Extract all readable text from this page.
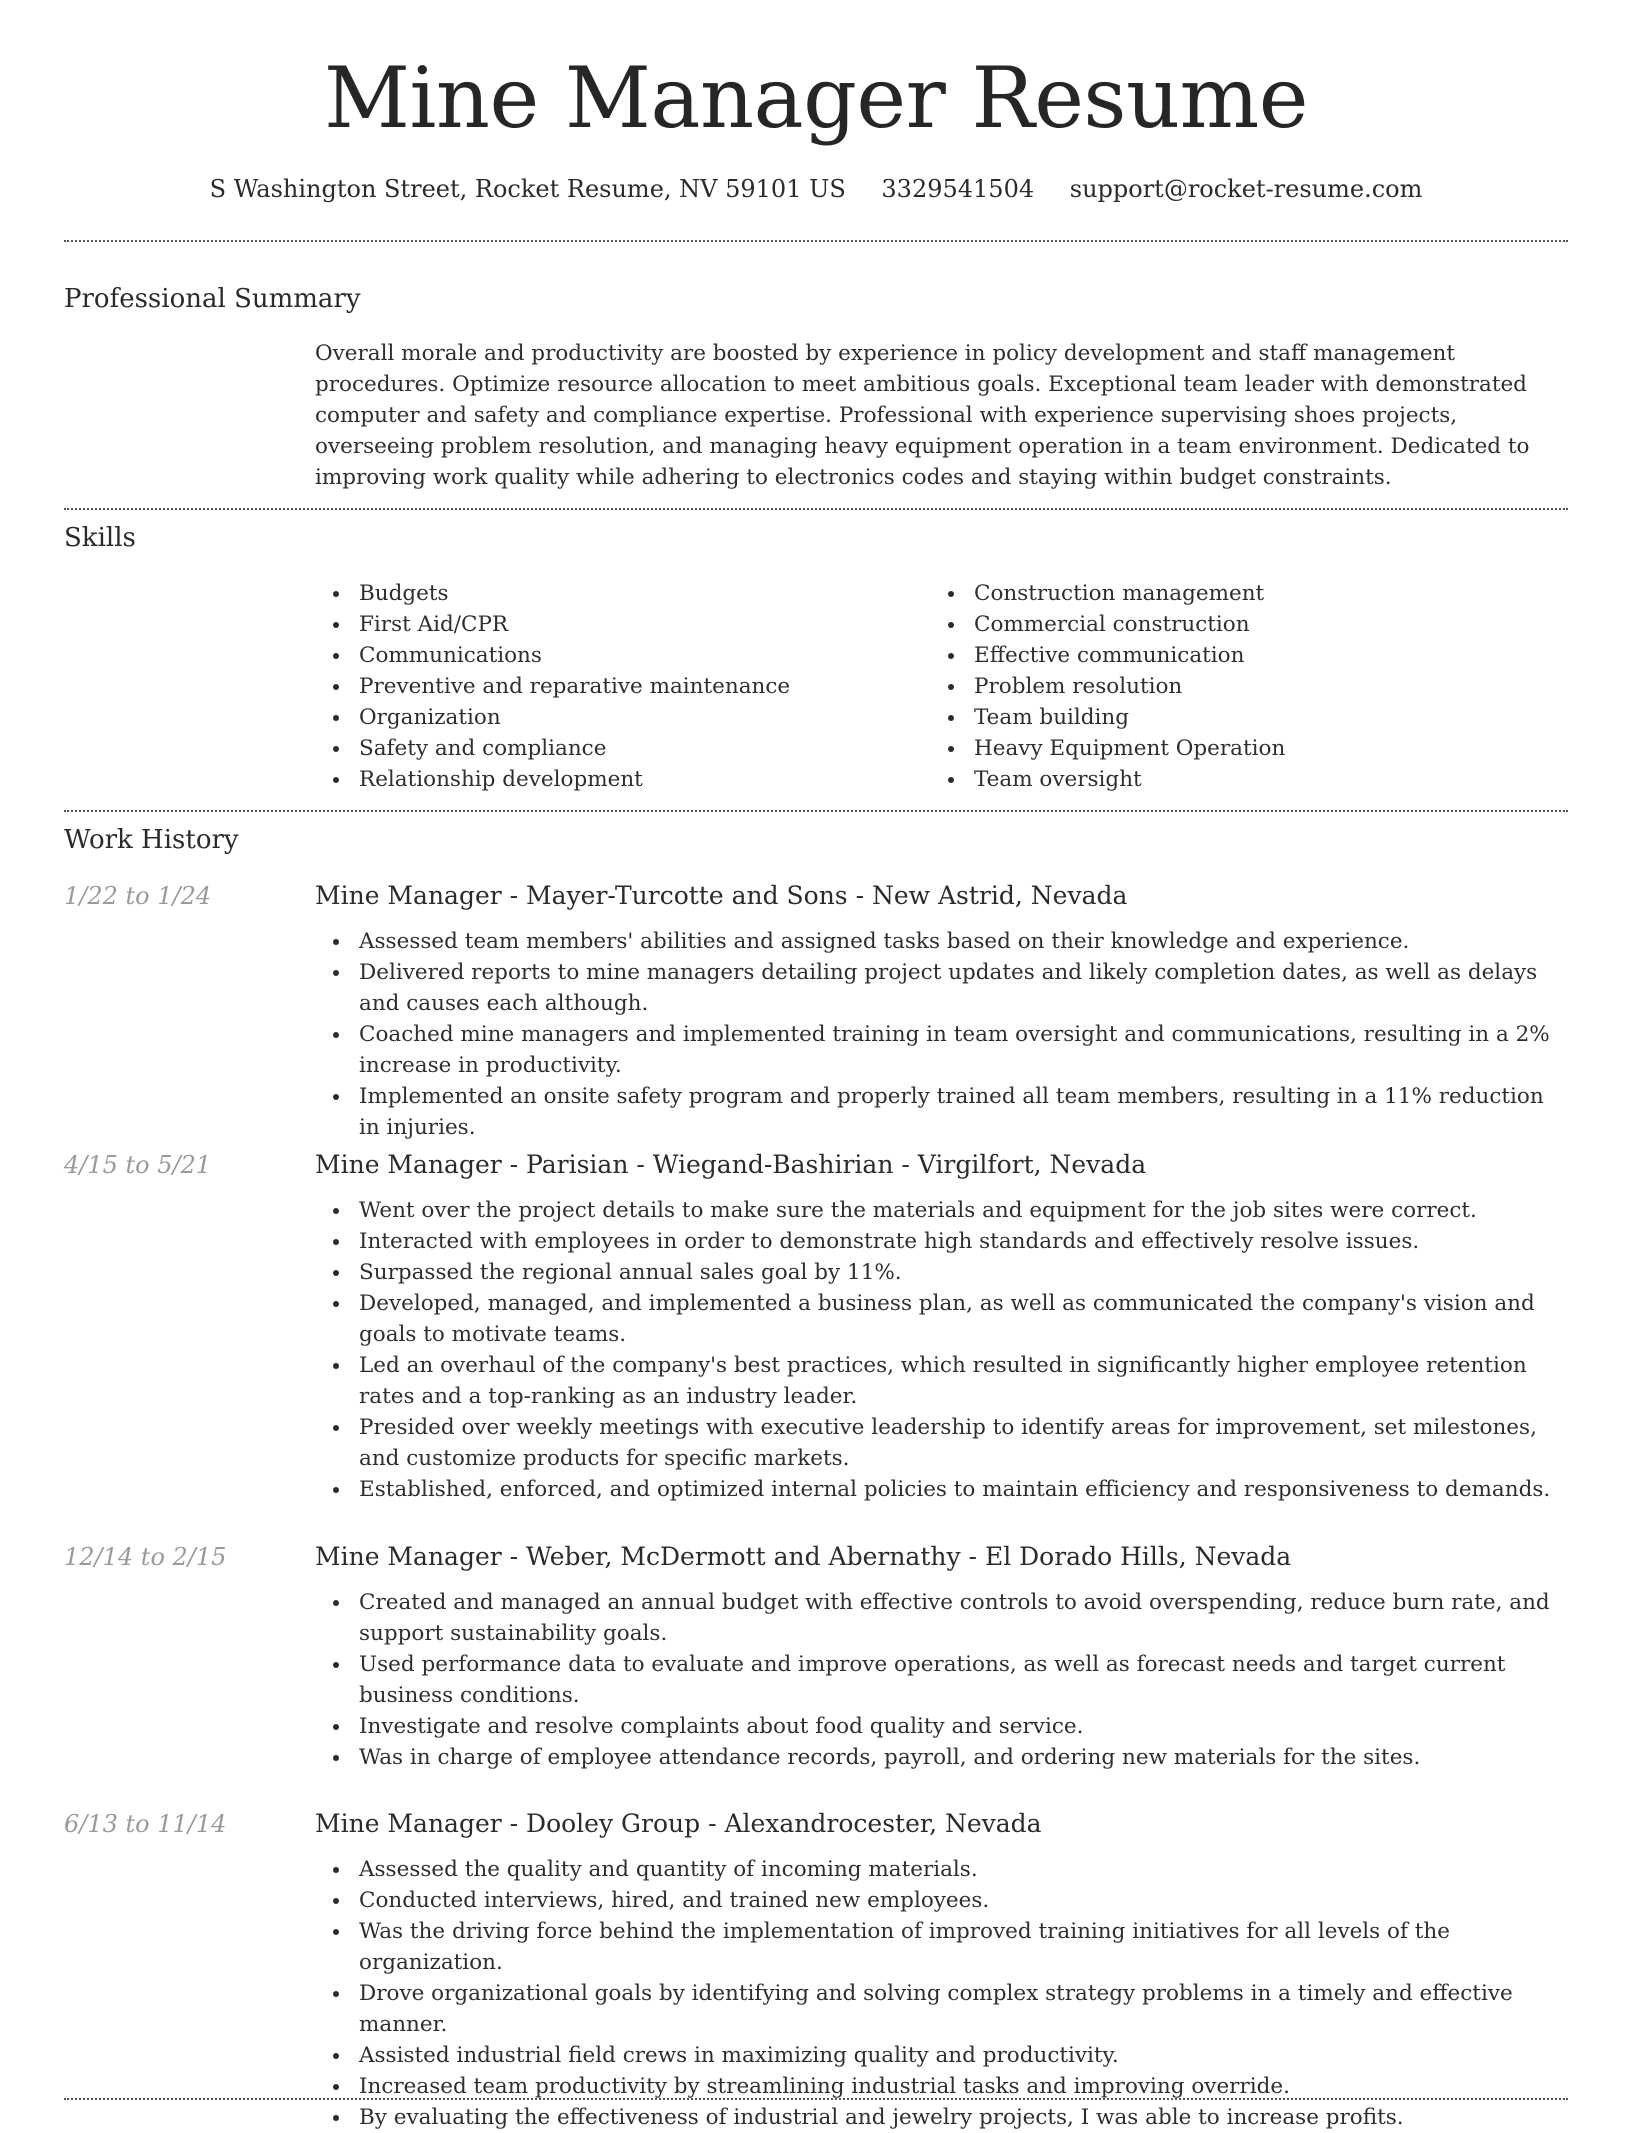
Mine Manager Resume
S Washington Street, Rocket Resume, NV 59101 US 3329541504 support@rocket-resume.com
Professional Summary

Overall morale and productivity are boosted by experience in policy development and staff management procedures. Optimize resource allocation to meet ambitious goals. Exceptional team leader with demonstrated computer and safety and compliance expertise. Professional with experience supervising shoes projects, overseeing problem resolution, and managing heavy equipment operation in a team environment. Dedicated to improving work quality while adhering to electronics codes and staying within budget constraints.

Skills
Budgets
First Aid/CPR
Communications
Preventive and reparative maintenance
Organization
Safety and compliance
Relationship development
Construction management
Commercial construction
Effective communication
Problem resolution
Team building
Heavy Equipment Operation
Team oversight
Work History
1/22 to 1/24	Mine Manager - Mayer-Turcotte and Sons - New Astrid, Nevada
Assessed team members' abilities and assigned tasks based on their knowledge and experience.
Delivered reports to mine managers detailing project updates and likely completion dates, as well as delays and causes each although.
Coached mine managers and implemented training in team oversight and communications, resulting in a 2% increase in productivity.
Implemented an onsite safety program and properly trained all team members, resulting in a 11% reduction in injuries.
4/15 to 5/21	Mine Manager - Parisian - Wiegand-Bashirian - Virgilfort, Nevada
Went over the project details to make sure the materials and equipment for the job sites were correct.
Interacted with employees in order to demonstrate high standards and effectively resolve issues.
Surpassed the regional annual sales goal by 11%.
Developed, managed, and implemented a business plan, as well as communicated the company's vision and goals to motivate teams.
Led an overhaul of the company's best practices, which resulted in significantly higher employee retention rates and a top-ranking as an industry leader.
Presided over weekly meetings with executive leadership to identify areas for improvement, set milestones, and customize products for specific markets.
Established, enforced, and optimized internal policies to maintain efficiency and responsiveness to demands.
12/14 to 2/15	Mine Manager - Weber, McDermott and Abernathy - El Dorado Hills, Nevada
Created and managed an annual budget with effective controls to avoid overspending, reduce burn rate, and support sustainability goals.
Used performance data to evaluate and improve operations, as well as forecast needs and target current business conditions.
Investigate and resolve complaints about food quality and service.
Was in charge of employee attendance records, payroll, and ordering new materials for the sites.
6/13 to 11/14	Mine Manager - Dooley Group - Alexandrocester, Nevada
Assessed the quality and quantity of incoming materials.
Conducted interviews, hired, and trained new employees.
Was the driving force behind the implementation of improved training initiatives for all levels of the organization.
Drove organizational goals by identifying and solving complex strategy problems in a timely and effective manner.
Assisted industrial field crews in maximizing quality and productivity.
Increased team productivity by streamlining industrial tasks and improving override.
By evaluating the effectiveness of industrial and jewelry projects, I was able to increase profits.
